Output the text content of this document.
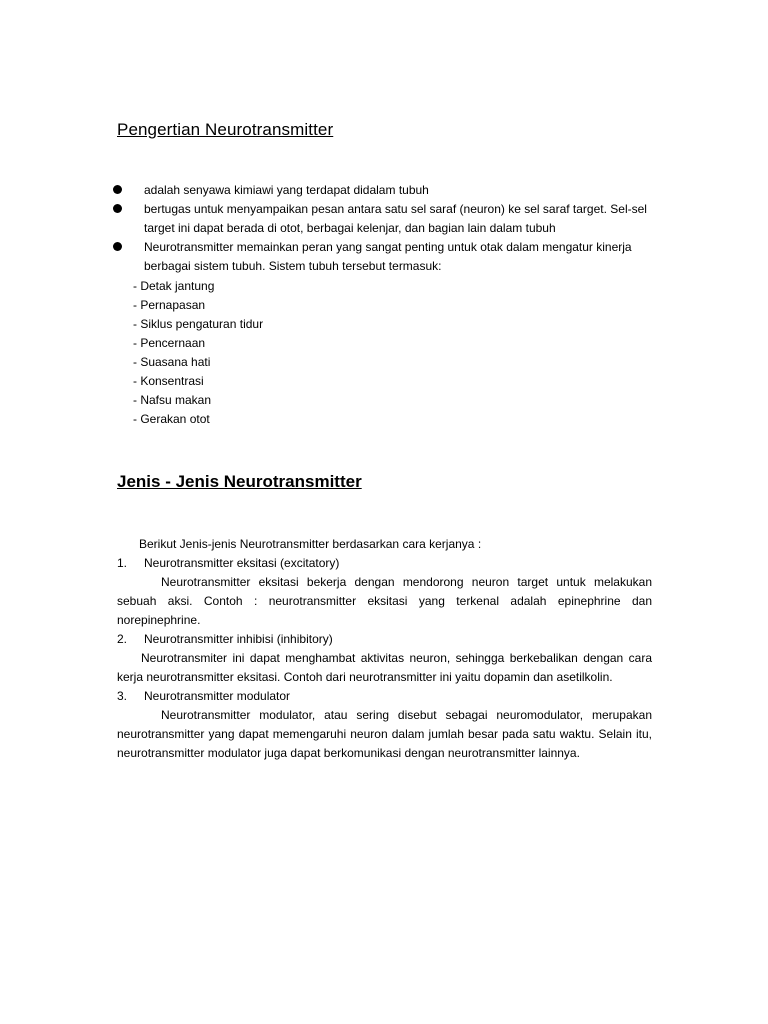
Pengertian Neurotransmitter
adalah senyawa kimiawi yang terdapat didalam tubuh
bertugas untuk menyampaikan pesan antara satu sel saraf (neuron) ke sel saraf target. Sel-sel target ini dapat berada di otot, berbagai kelenjar, dan bagian lain dalam tubuh
Neurotransmitter memainkan peran yang sangat penting untuk otak dalam mengatur kinerja berbagai sistem tubuh. Sistem tubuh tersebut termasuk:
- Detak jantung
- Pernapasan
- Siklus pengaturan tidur
- Pencernaan
- Suasana hati
- Konsentrasi
- Nafsu makan
- Gerakan otot
Jenis - Jenis Neurotransmitter
Berikut Jenis-jenis Neurotransmitter berdasarkan cara kerjanya :
1. Neurotransmitter eksitasi (excitatory)
Neurotransmitter eksitasi bekerja dengan mendorong neuron target untuk melakukan sebuah aksi. Contoh : neurotransmitter eksitasi yang terkenal adalah epinephrine dan norepinephrine.
2. Neurotransmitter inhibisi (inhibitory)
Neurotransmiter ini dapat menghambat aktivitas neuron, sehingga berkebalikan dengan cara kerja neurotransmitter eksitasi. Contoh dari neurotransmitter ini yaitu dopamin dan asetilkolin.
3. Neurotransmitter modulator
Neurotransmitter modulator, atau sering disebut sebagai neuromodulator, merupakan neurotransmitter yang dapat memengaruhi neuron dalam jumlah besar pada satu waktu. Selain itu, neurotransmitter modulator juga dapat berkomunikasi dengan neurotransmitter lainnya.
